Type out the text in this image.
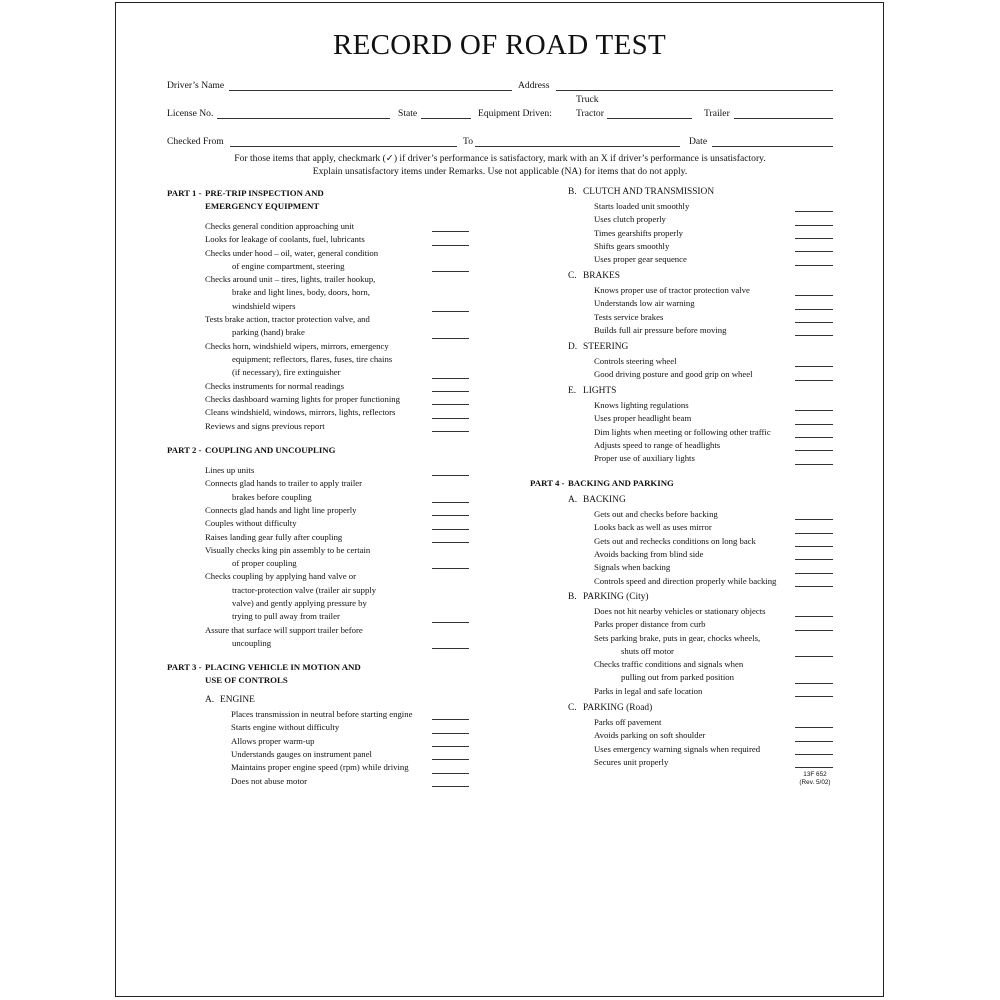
RECORD OF ROAD TEST
Driver’s Name	Address
License No.	State	Equipment Driven:
Truck
Tractor	Trailer
Checked From	To	Date
For those items that apply, checkmark (✓) if driver’s performance is satisfactory, mark with an X if driver’s performance is unsatisfactory.
Explain unsatisfactory items under Remarks. Use not applicable (NA) for items that do not apply.
PART 1 - PRE-TRIP INSPECTION AND
EMERGENCY EQUIPMENT
PART 2 - COUPLING AND UNCOUPLING
PART 3 - PLACING VEHICLE IN MOTION AND
USE OF CONTROLS
PART 4 - BACKING AND PARKING
A. ENGINE
B. CLUTCH AND TRANSMISSION
C. BRAKES
D. STEERING
E. LIGHTS
A. BACKING
B. PARKING (City)
C. PARKING (Road)
13F 652
(Rev. 5/02)
Checks general condition approaching unit
Looks for leakage of coolants, fuel, lubricants
Checks under hood – oil, water, general condition
of engine compartment, steering
Checks around unit – tires, lights, trailer hookup,
brake and light lines, body, doors, horn,
windshield wipers
Tests brake action, tractor protection valve, and
parking (hand) brake
Checks horn, windshield wipers, mirrors, emergency
equipment; reflectors, flares, fuses, tire chains
(if necessary), fire extinguisher
Checks instruments for normal readings
Checks dashboard warning lights for proper functioning
Cleans windshield, windows, mirrors, lights, reflectors
Reviews and signs previous report
Lines up units
Connects glad hands to trailer to apply trailer
brakes before coupling
Connects glad hands and light line properly
Couples without difficulty
Raises landing gear fully after coupling
Visually checks king pin assembly to be certain
of proper coupling
Checks coupling by applying hand valve or
tractor-protection valve (trailer air supply
valve) and gently applying pressure by
trying to pull away from trailer
Assure that surface will support trailer before
uncoupling
Places transmission in neutral before starting engine
Starts engine without difficulty
Allows proper warm-up
Understands gauges on instrument panel
Maintains proper engine speed (rpm) while driving
Does not abuse motor
Starts loaded unit smoothly
Uses clutch properly
Times gearshifts properly
Shifts gears smoothly
Uses proper gear sequence
Knows proper use of tractor protection valve
Understands low air warning
Tests service brakes
Builds full air pressure before moving
Controls steering wheel
Good driving posture and good grip on wheel
Knows lighting regulations
Uses proper headlight beam
Dim lights when meeting or following other traffic
Adjusts speed to range of headlights
Proper use of auxiliary lights
Gets out and checks before backing
Looks back as well as uses mirror
Gets out and rechecks conditions on long back
Avoids backing from blind side
Signals when backing
Controls speed and direction properly while backing
Does not hit nearby vehicles or stationary objects
Parks proper distance from curb
Sets parking brake, puts in gear, chocks wheels,
shuts off motor
Checks traffic conditions and signals when
pulling out from parked position
Parks in legal and safe location
Parks off pavement
Avoids parking on soft shoulder
Uses emergency warning signals when required
Secures unit properly
